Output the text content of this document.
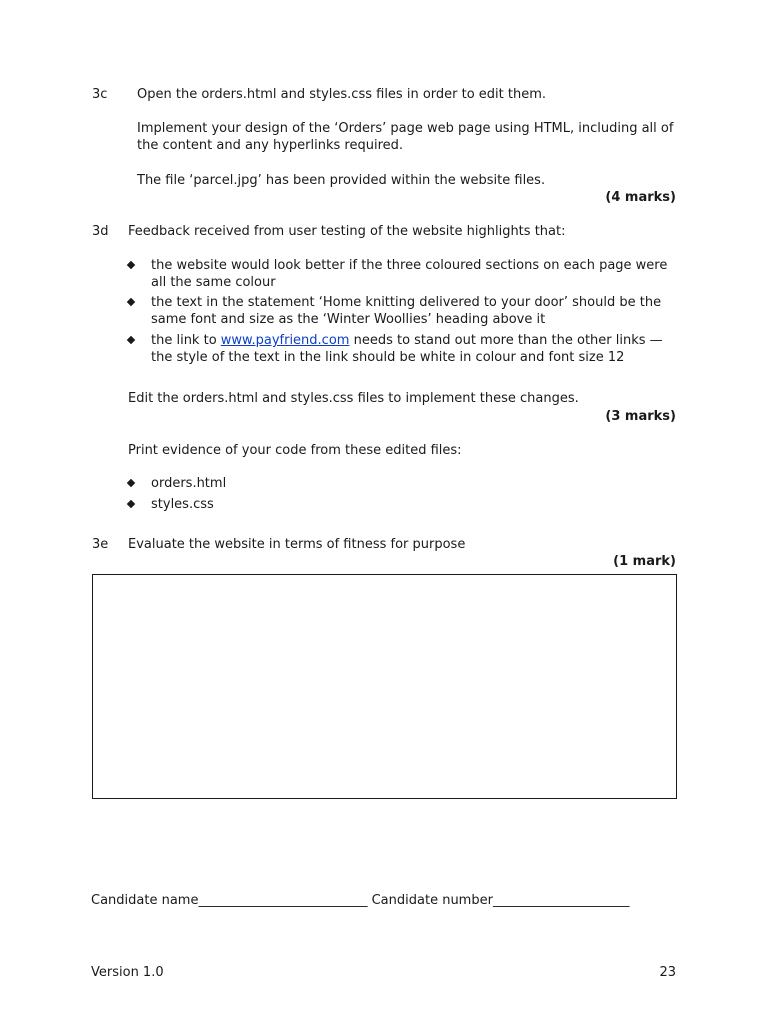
3c Open the orders.html and styles.css files in order to edit them.
Implement your design of the ‘Orders’ page web page using HTML, including all of
the content and any hyperlinks required.
The file ‘parcel.jpg’ has been provided within the website files.
(4 marks)
3d Feedback received from user testing of the website highlights that:
the website would look better if the three coloured sections on each page were
all the same colour
the text in the statement ‘Home knitting delivered to your door’ should be the
same font and size as the ‘Winter Woollies’ heading above it
the link to www.payfriend.com needs to stand out more than the other links —
the style of the text in the link should be white in colour and font size 12
Edit the orders.html and styles.css files to implement these changes.
(3 marks)
Print evidence of your code from these edited files:
orders.html
styles.css
3e Evaluate the website in terms of fitness for purpose
(1 mark)
Candidate name__________________________ Candidate number_____________________
Version 1.0	23
